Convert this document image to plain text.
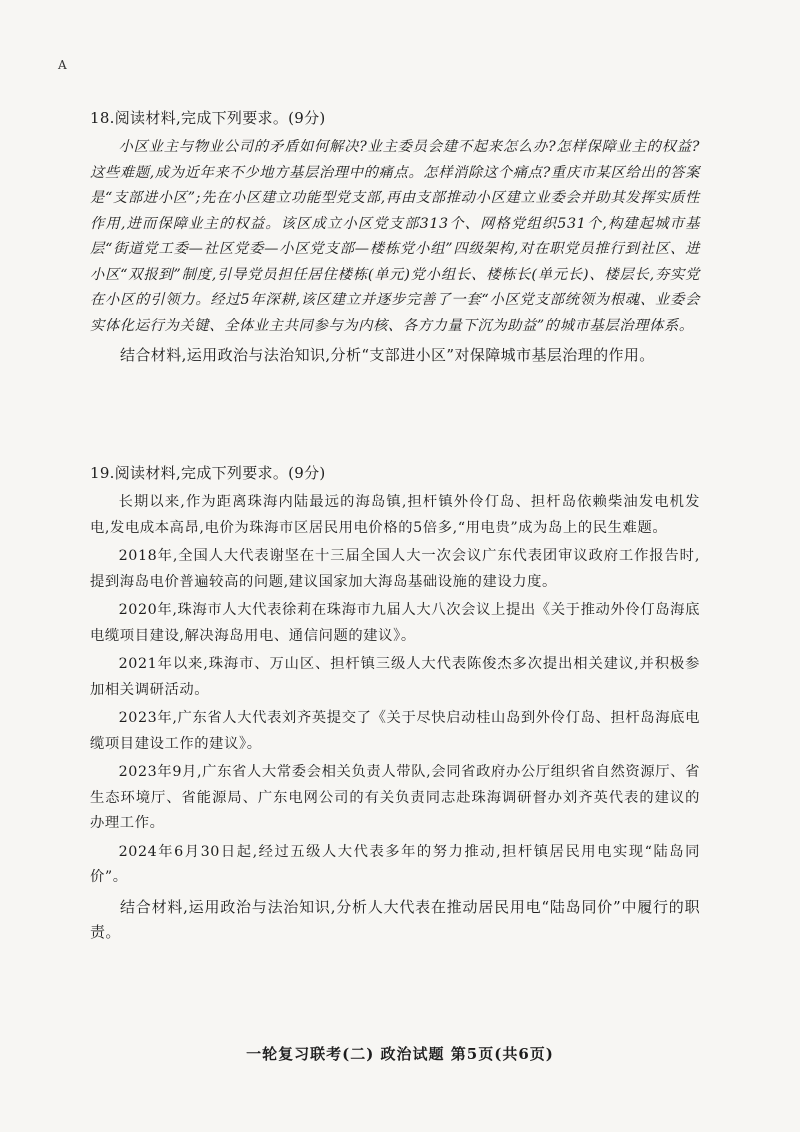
A

18.阅读材料,完成下列要求。(9分)

小区业主与物业公司的矛盾如何解决?业主委员会建不起来怎么办?怎样保障业主的权益?这些难题,成为近年来不少地方基层治理中的痛点。怎样消除这个痛点?重庆市某区给出的答案是“支部进小区”;先在小区建立功能型党支部,再由支部推动小区建立业委会并助其发挥实质性作用,进而保障业主的权益。该区成立小区党支部313个、网格党组织531个,构建起城市基层“街道党工委—社区党委—小区党支部—楼栋党小组”四级架构,对在职党员推行到社区、进小区“双报到”制度,引导党员担任居住楼栋(单元)党小组长、楼栋长(单元长)、楼层长,夯实党在小区的引领力。经过5年深耕,该区建立并逐步完善了一套“小区党支部统领为根魂、业委会实体化运行为关键、全体业主共同参与为内核、各方力量下沉为助益”的城市基层治理体系。

结合材料,运用政治与法治知识,分析“支部进小区”对保障城市基层治理的作用。

19.阅读材料,完成下列要求。(9分)

长期以来,作为距离珠海内陆最远的海岛镇,担杆镇外伶仃岛、担杆岛依赖柴油发电机发电,发电成本高昂,电价为珠海市区居民用电价格的5倍多,“用电贵”成为岛上的民生难题。

2018年,全国人大代表谢坚在十三届全国人大一次会议广东代表团审议政府工作报告时,提到海岛电价普遍较高的问题,建议国家加大海岛基础设施的建设力度。

2020年,珠海市人大代表徐莉在珠海市九届人大八次会议上提出《关于推动外伶仃岛海底电缆项目建设,解决海岛用电、通信问题的建议》。

2021年以来,珠海市、万山区、担杆镇三级人大代表陈俊杰多次提出相关建议,并积极参加相关调研活动。

2023年,广东省人大代表刘齐英提交了《关于尽快启动桂山岛到外伶仃岛、担杆岛海底电缆项目建设工作的建议》。

2023年9月,广东省人大常委会相关负责人带队,会同省政府办公厅组织省自然资源厅、省生态环境厅、省能源局、广东电网公司的有关负责同志赴珠海调研督办刘齐英代表的建议的办理工作。

2024年6月30日起,经过五级人大代表多年的努力推动,担杆镇居民用电实现“陆岛同价”。

结合材料,运用政治与法治知识,分析人大代表在推动居民用电“陆岛同价”中履行的职责。

一轮复习联考(二) 政治试题 第5页(共6页)
